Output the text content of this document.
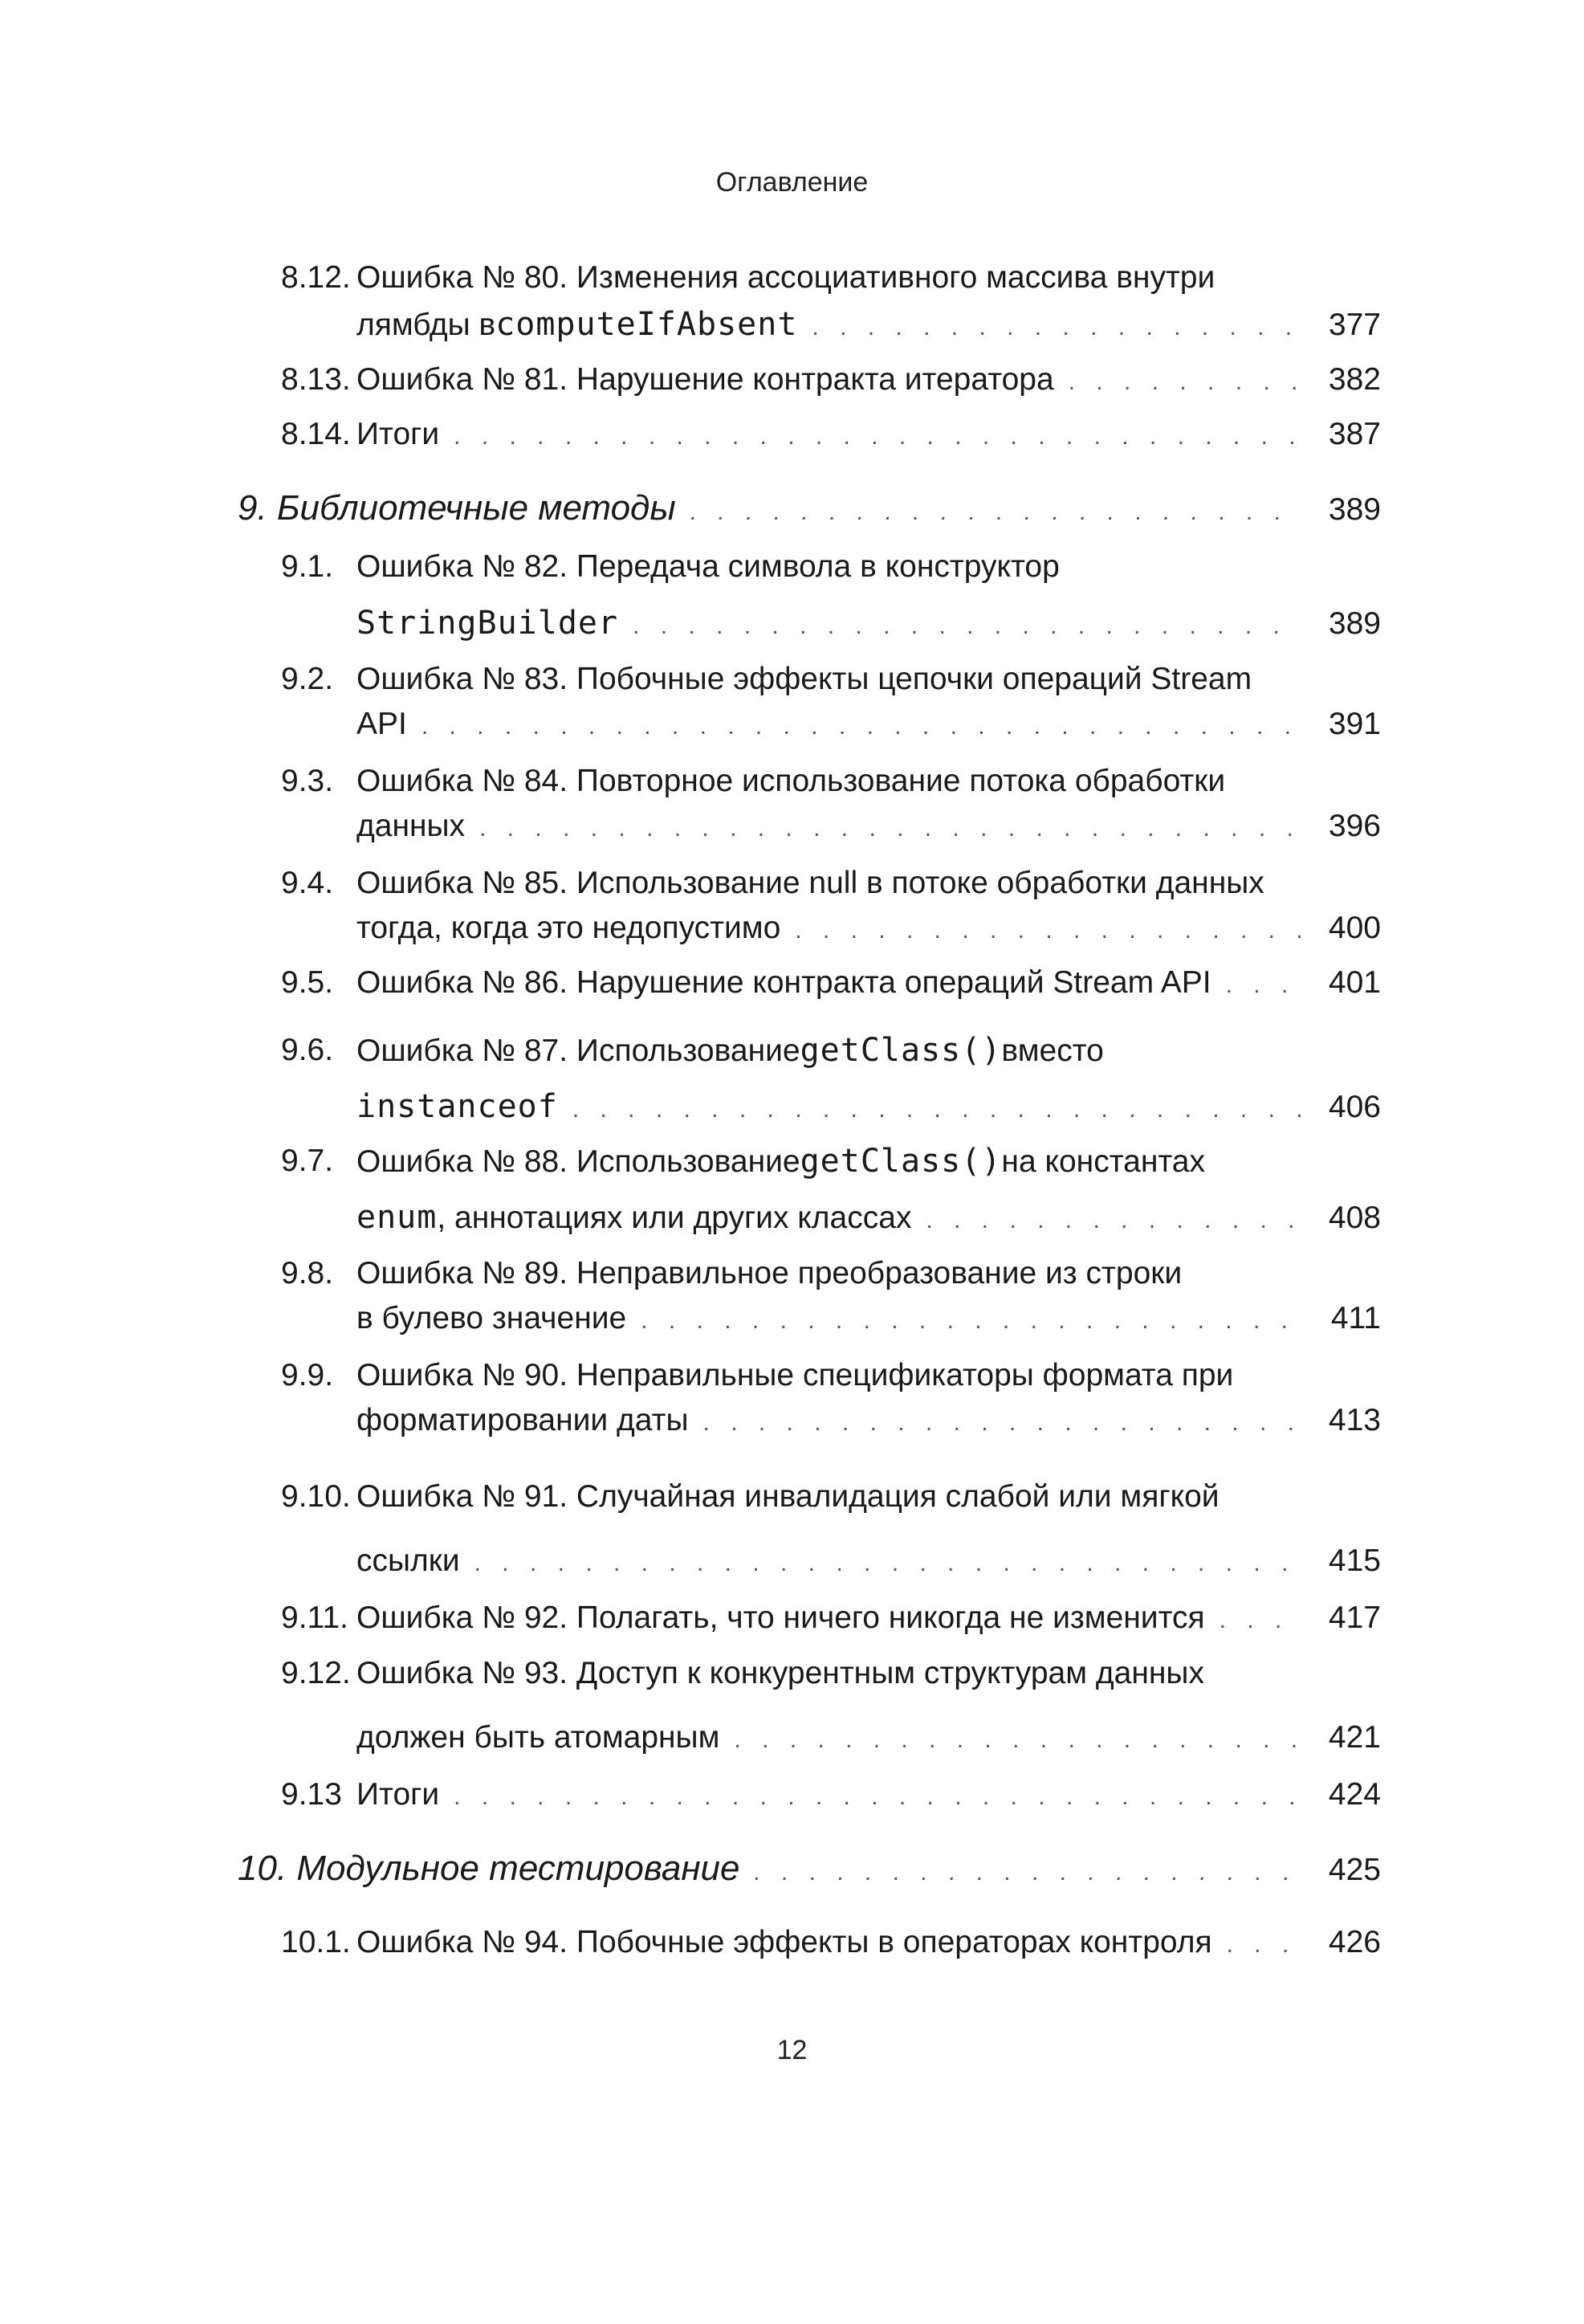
Оглавление
8.12. Ошибка № 80. Изменения ассоциативного массива внутри
лямбды в computeIfAbsent . . .	377
8.13. Ошибка № 81. Нарушение контракта итератора . . .	382
8.14. Итоги . . .	387
9. Библиотечные методы . . .	389
9.1. Ошибка № 82. Передача символа в конструктор
StringBuilder . . .	389
9.2. Ошибка № 83. Побочные эффекты цепочки операций Stream
API . . .	391
9.3. Ошибка № 84. Повторное использование потока обработки
данных . . .	396
9.4. Ошибка № 85. Использование null в потоке обработки данных
тогда, когда это недопустимо . . .	400
9.5. Ошибка № 86. Нарушение контракта операций Stream API . . .	401
9.6. Ошибка № 87. Использование getClass() вместо
instanceof . . .	406
9.7. Ошибка № 88. Использование getClass() на константах
enum , аннотациях или других классах . . .	408
9.8. Ошибка № 89. Неправильное преобразование из строки
в булево значение . . .	411
9.9. Ошибка № 90. Неправильные спецификаторы формата при
форматировании даты . . .	413
9.10. Ошибка № 91. Случайная инвалидация слабой или мягкой
ссылки . . .	415
9.11. Ошибка № 92. Полагать, что ничего никогда не изменится . . .	417
9.12. Ошибка № 93. Доступ к конкурентным структурам данных
должен быть атомарным . . .	421
9.13 Итоги . . .	424
10. Модульное тестирование . . .	425
10.1. Ошибка № 94. Побочные эффекты в операторах контроля . . .	426
12
